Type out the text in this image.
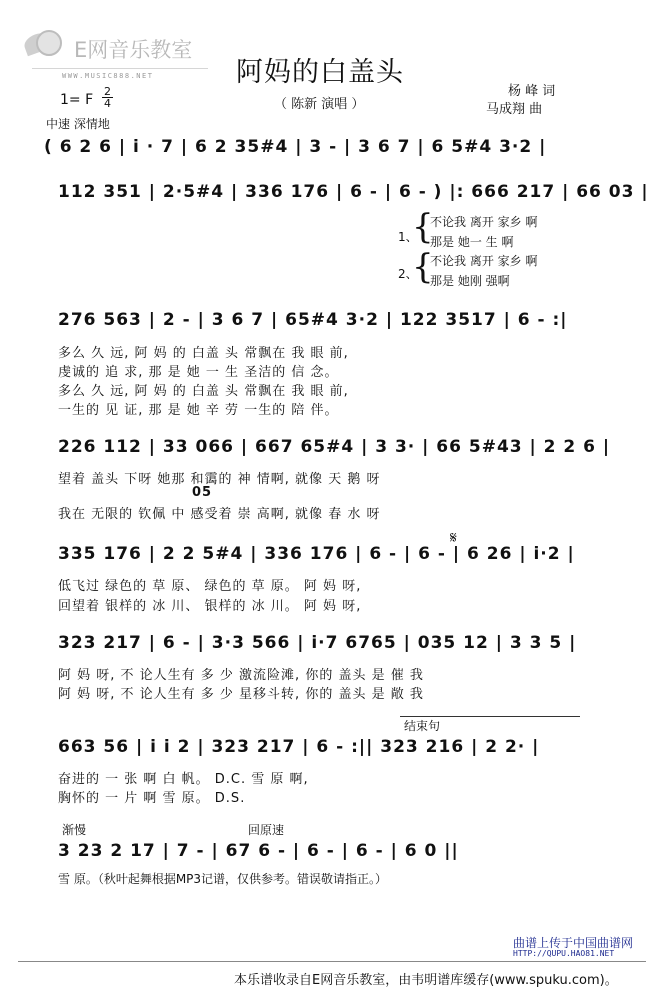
E网音乐教室
WWW.MUSIC888.NET	阿妈的白盖头
（ 陈新 演唱 ）
杨 峰 词
马成翔 曲
1= F
2
4
中速 深情地
( 6 2 6 | i · 7 | 6 2 35#4 | 3 - | 3 6 7 | 6 5#4 3·2 |
112 351 | 2·5#4 | 336 176 | 6 - | 6 - ) |: 666 217 | 66 03 |
1、
{
不论我 离开 家乡 啊
那是 她一 生 啊
2、
{
不论我 离开 家乡 啊
那是 她刚 强啊
276 563 | 2 - | 3 6 7 | 65#4 3·2 | 122 3517 | 6 - :|
多么 久 远, 阿 妈 的 白盖 头 常飘在 我 眼 前,
虔诚的 追 求, 那 是 她 一 生 圣洁的 信 念。
多么 久 远, 阿 妈 的 白盖 头 常飘在 我 眼 前,
一生的 见 证, 那 是 她 辛 劳 一生的 陪 伴。
226 112 | 33 066 | 667 65#4 | 3 3· | 66 5#43 | 2 2 6 |
望着 盖头 下呀 她那 和霭的 神 情啊, 就像 天 鹅 呀
05
我在 无限的 钦佩 中 感受着 崇 高啊, 就像 春 水 呀
335 176 | 2 2 5#4 | 336 176 | 6 - | 6 - | 6 26 | i·2 |
𝄋
低飞过 绿色的 草 原、 绿色的 草 原。 阿 妈 呀,
回望着 银样的 冰 川、 银样的 冰 川。 阿 妈 呀,
323 217 | 6 - | 3·3 566 | i·7 6765 | 035 12 | 3 3 5 |
阿 妈 呀, 不 论人生有 多 少 激流险滩, 你的 盖头 是 催 我
阿 妈 呀, 不 论人生有 多 少 星移斗转, 你的 盖头 是 敞 我
结束句
663 56 | i i 2 | 323 217 | 6 - :|| 323 216 | 2 2· |
奋进的 一 张 啊 白 帆。 D.C. 雪 原 啊,
胸怀的 一 片 啊 雪 原。 D.S.
渐慢	回原速
3 23 2 17 | 7 - | 67 6 - | 6 - | 6 - | 6 0 ||
雪 原。（秋叶起舞根据MP3记谱，仅供参考。错误敬请指正。）
曲谱上传于中国曲谱网
HTTP://QUPU.HAO81.NET
本乐谱收录自E网音乐教室，由韦明谱库缓存(www.spuku.com)。
